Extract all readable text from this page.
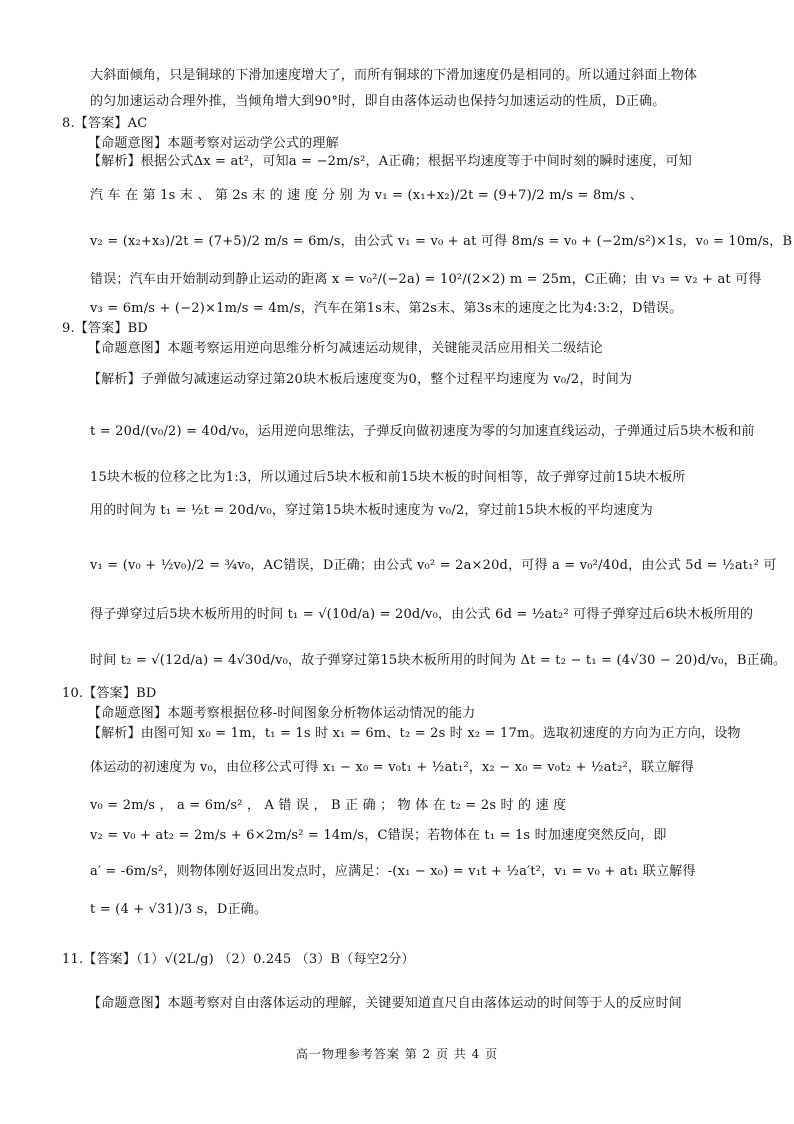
大斜面倾角，只是铜球的下滑加速度增大了，而所有铜球的下滑加速度仍是相同的。所以通过斜面上物体
的匀加速运动合理外推，当倾角增大到90°时，即自由落体运动也保持匀加速运动的性质，D正确。
8.【答案】AC
【命题意图】本题考察对运动学公式的理解
【解析】根据公式Δx = at²，可知a = −2m/s²，A正确；根据平均速度等于中间时刻的瞬时速度，可知
汽 车 在 第 1s 末 、 第 2s 末 的 速 度 分 别 为 v₁ = (x₁+x₂)/2t = (9+7)/2 m/s = 8m/s 、
v₂ = (x₂+x₃)/2t = (7+5)/2 m/s = 6m/s，由公式 v₁ = v₀ + at 可得 8m/s = v₀ + (−2m/s²)×1s，v₀ = 10m/s，B
错误；汽车由开始制动到静止运动的距离 x = v₀²/(−2a) = 10²/(2×2) m = 25m，C正确；由 v₃ = v₂ + at 可得
v₃ = 6m/s + (−2)×1m/s = 4m/s，汽车在第1s末、第2s末、第3s末的速度之比为4:3:2，D错误。
9.【答案】BD
【命题意图】本题考察运用逆向思维分析匀减速运动规律，关键能灵活应用相关二级结论
【解析】子弹做匀减速运动穿过第20块木板后速度变为0，整个过程平均速度为 v₀/2，时间为
t = 20d/(v₀/2) = 40d/v₀，运用逆向思维法，子弹反向做初速度为零的匀加速直线运动，子弹通过后5块木板和前
15块木板的位移之比为1:3，所以通过后5块木板和前15块木板的时间相等，故子弹穿过前15块木板所
用的时间为 t₁ = ½t = 20d/v₀，穿过第15块木板时速度为 v₀/2，穿过前15块木板的平均速度为
v₁ = (v₀ + ½v₀)/2 = ¾v₀，AC错误，D正确；由公式 v₀² = 2a×20d，可得 a = v₀²/40d，由公式 5d = ½at₁² 可
得子弹穿过后5块木板所用的时间 t₁ = √(10d/a) = 20d/v₀，由公式 6d = ½at₂² 可得子弹穿过后6块木板所用的
时间 t₂ = √(12d/a) = 4√30d/v₀，故子弹穿过第15块木板所用的时间为 Δt = t₂ − t₁ = (4√30 − 20)d/v₀，B正确。
10.【答案】BD
【命题意图】本题考察根据位移-时间图象分析物体运动情况的能力
【解析】由图可知 x₀ = 1m，t₁ = 1s 时 x₁ = 6m、t₂ = 2s 时 x₂ = 17m。选取初速度的方向为正方向，设物
体运动的初速度为 v₀，由位移公式可得 x₁ − x₀ = v₀t₁ + ½at₁²，x₂ − x₀ = v₀t₂ + ½at₂²，联立解得
v₀ = 2m/s ， a = 6m/s² ， A 错 误 ， B 正 确 ； 物 体 在 t₂ = 2s 时 的 速 度
v₂ = v₀ + at₂ = 2m/s + 6×2m/s² = 14m/s，C错误；若物体在 t₁ = 1s 时加速度突然反向，即
a′ = -6m/s²，则物体刚好返回出发点时，应满足：-(x₁ − x₀) = v₁t + ½a′t²，v₁ = v₀ + at₁ 联立解得
t = (4 + √31)/3 s，D正确。
11.【答案】（1）√(2L/g) （2）0.245 （3）B（每空2分）
【命题意图】本题考察对自由落体运动的理解，关键要知道直尺自由落体运动的时间等于人的反应时间
高一物理参考答案 第 2 页 共 4 页
